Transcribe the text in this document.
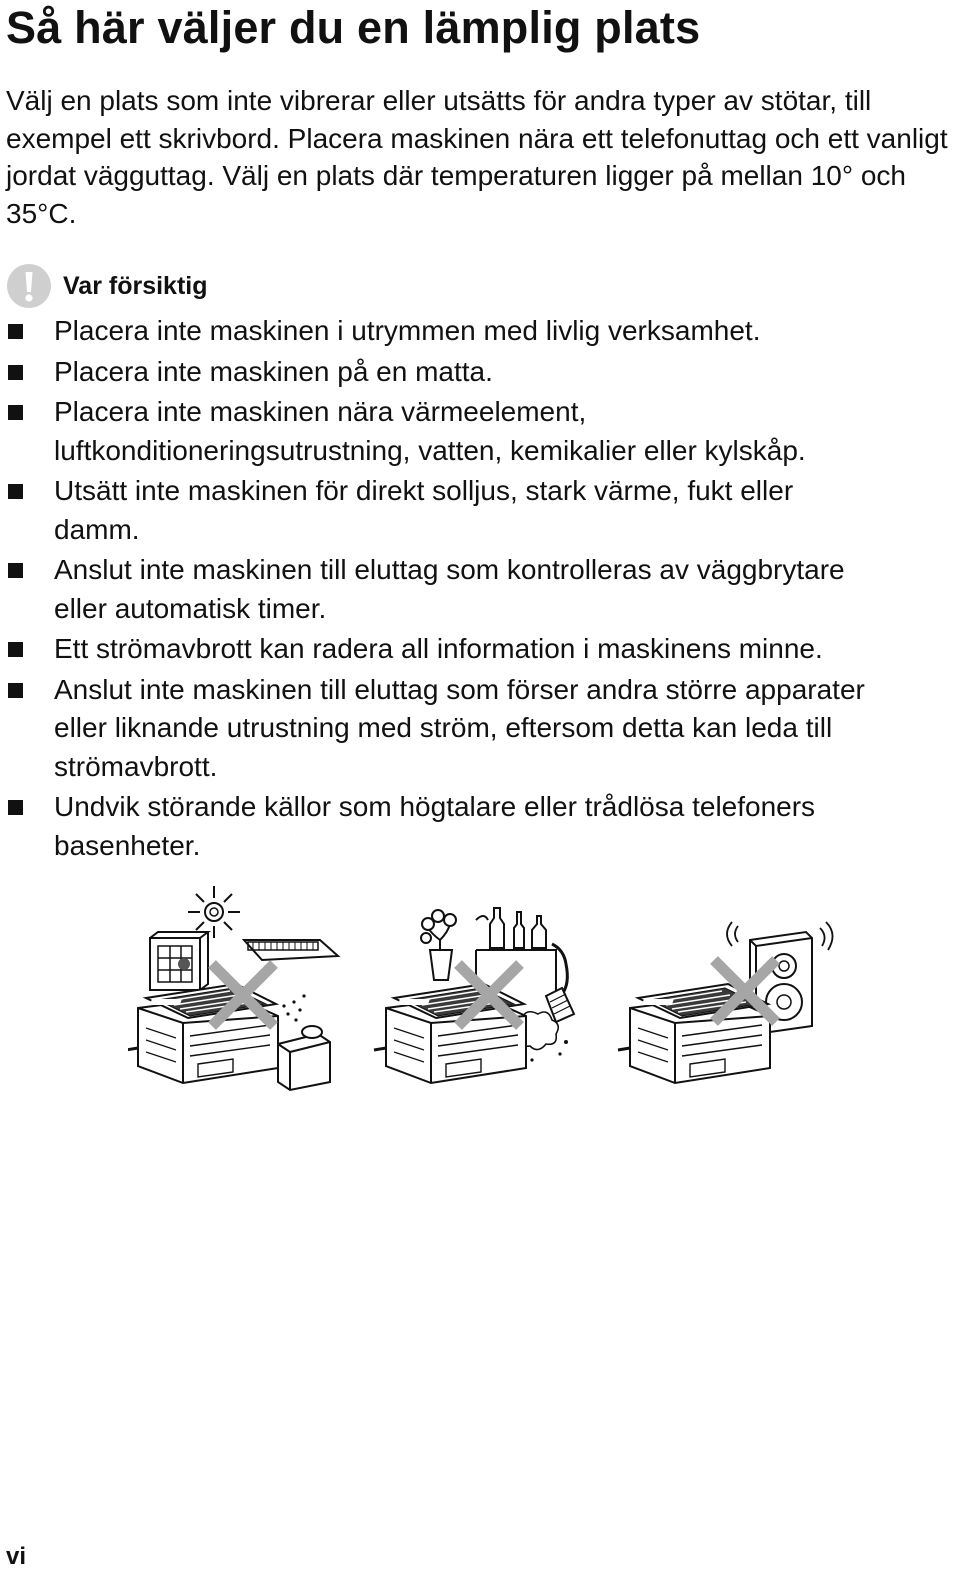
Så här väljer du en lämplig plats

Välj en plats som inte vibrerar eller utsätts för andra typer av stötar, till exempel ett skrivbord. Placera maskinen nära ett telefonuttag och ett vanligt jordat vägguttag. Välj en plats där temperaturen ligger på mellan 10° och 35°C.

Var försiktig
Placera inte maskinen i utrymmen med livlig verksamhet.
Placera inte maskinen på en matta.
Placera inte maskinen nära värmeelement,
luftkonditioneringsutrustning, vatten, kemikalier eller kylskåp.
Utsätt inte maskinen för direkt solljus, stark värme, fukt eller
damm.
Anslut inte maskinen till eluttag som kontrolleras av väggbrytare
eller automatisk timer.
Ett strömavbrott kan radera all information i maskinens minne.
Anslut inte maskinen till eluttag som förser andra större apparater
eller liknande utrustning med ström, eftersom detta kan leda till
strömavbrott.
Undvik störande källor som högtalare eller trådlösa telefoners
basenheter.
vi
